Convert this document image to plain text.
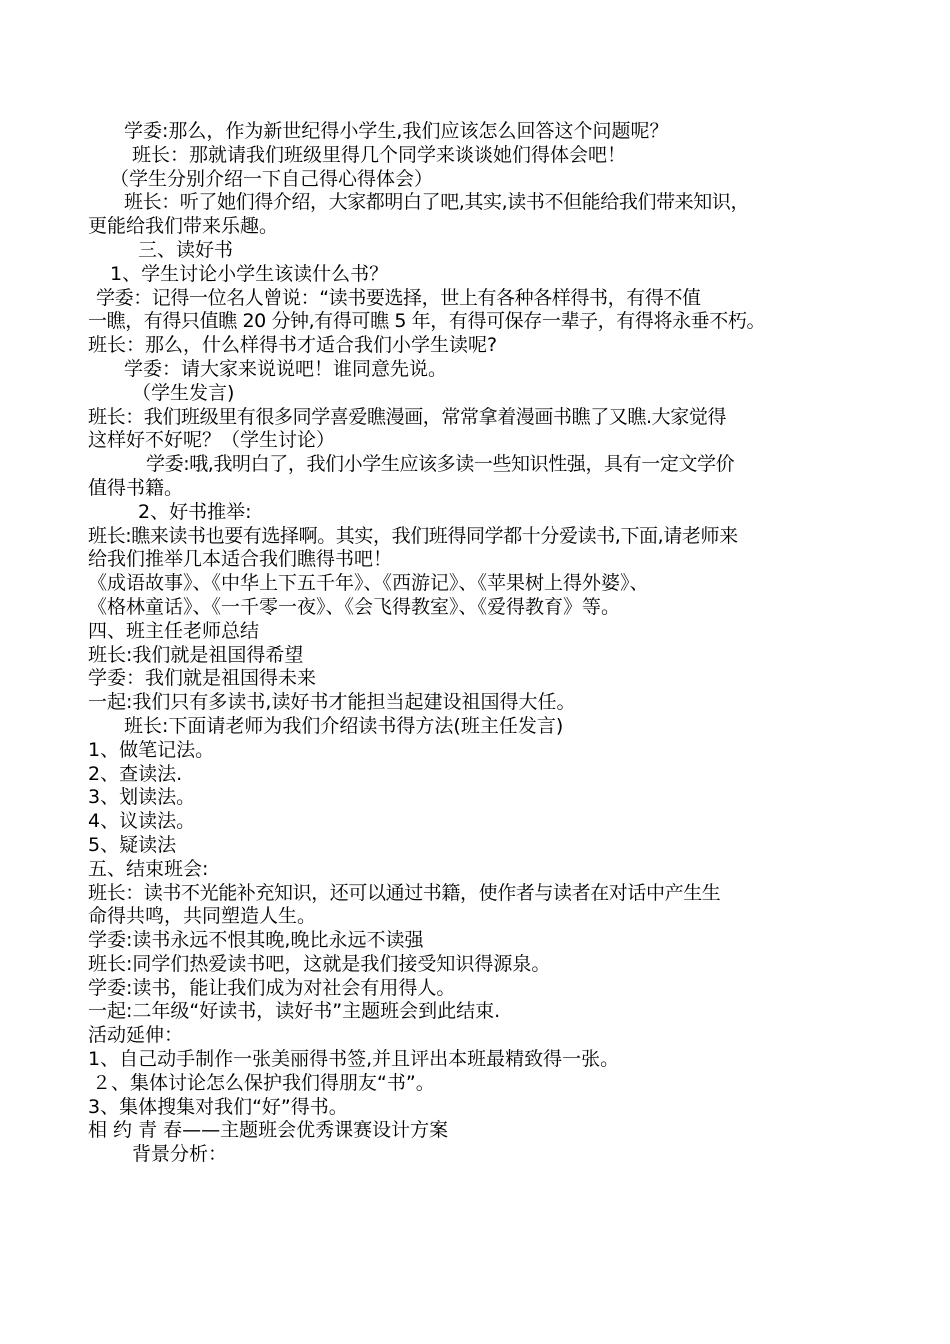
学委:那么，作为新世纪得小学生,我们应该怎么回答这个问题呢？
班长：那就请我们班级里得几个同学来谈谈她们得体会吧！
（学生分别介绍一下自己得心得体会）
班长：听了她们得介绍，大家都明白了吧,其实,读书不但能给我们带来知识，
更能给我们带来乐趣。
三、读好书
1、学生讨论小学生该读什么书？
学委：记得一位名人曾说：“读书要选择，世上有各种各样得书，有得不值
一瞧，有得只值瞧 20 分钟,有得可瞧 5 年，有得可保存一辈子，有得将永垂不朽。
班长：那么，什么样得书才适合我们小学生读呢?
学委：请大家来说说吧！谁同意先说。
（学生发言)
班长：我们班级里有很多同学喜爱瞧漫画，常常拿着漫画书瞧了又瞧.大家觉得
这样好不好呢？（学生讨论）
学委:哦,我明白了，我们小学生应该多读一些知识性强，具有一定文学价
值得书籍。
2、好书推举:
班长:瞧来读书也要有选择啊。其实，我们班得同学都十分爱读书,下面,请老师来
给我们推举几本适合我们瞧得书吧！
《成语故事》、《中华上下五千年》、《西游记》、《苹果树上得外婆》、
《格林童话》、《一千零一夜》、《会飞得教室》、《爱得教育》等。
四、班主任老师总结
班长:我们就是祖国得希望
学委：我们就是祖国得未来
一起:我们只有多读书,读好书才能担当起建设祖国得大任。
班长:下面请老师为我们介绍读书得方法(班主任发言)
1、做笔记法。
2、查读法.
3、划读法。
4、议读法。
5、疑读法
五、结束班会:
班长：读书不光能补充知识，还可以通过书籍，使作者与读者在对话中产生生
命得共鸣，共同塑造人生。
学委:读书永远不恨其晚,晚比永远不读强
班长:同学们热爱读书吧，这就是我们接受知识得源泉。
学委:读书，能让我们成为对社会有用得人。
一起:二年级“好读书，读好书”主题班会到此结束.
活动延伸：
1、自己动手制作一张美丽得书签,并且评出本班最精致得一张。
２、集体讨论怎么保护我们得朋友“书”。
3、集体搜集对我们“好”得书。
相 约 青 春——主题班会优秀课赛设计方案
背景分析：
